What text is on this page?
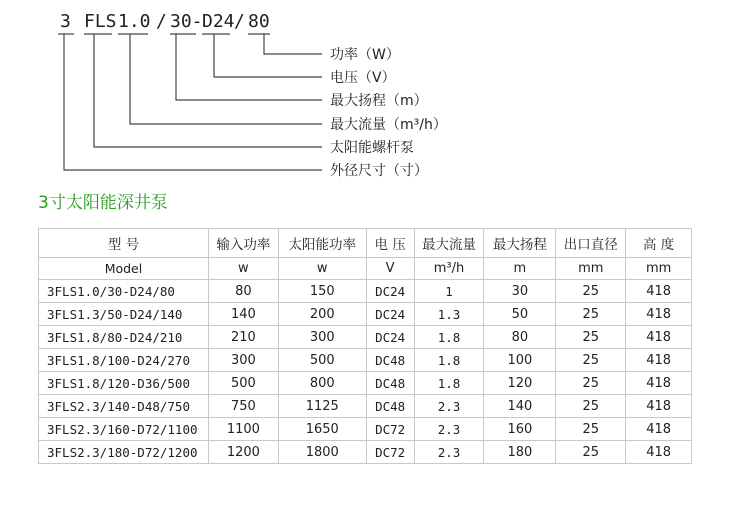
3 FLS 1.0 / 30- D24 / 80
功率（W）
电压（V）
最大扬程（m）
最大流量（m³/h）
太阳能螺杆泵
外径尺寸（寸）
3寸太阳能深井泵
型 号	输入功率	太阳能功率	电 压	最大流量	最大扬程	出口直径	高 度
Model	w	w	V	m³/h	m	mm	mm
3FLS1.0/30-D24/80	80	150	DC24	1	30	25	418
3FLS1.3/50-D24/140	140	200	DC24	1.3	50	25	418
3FLS1.8/80-D24/210	210	300	DC24	1.8	80	25	418
3FLS1.8/100-D24/270	300	500	DC48	1.8	100	25	418
3FLS1.8/120-D36/500	500	800	DC48	1.8	120	25	418
3FLS2.3/140-D48/750	750	1125	DC48	2.3	140	25	418
3FLS2.3/160-D72/1100	1100	1650	DC72	2.3	160	25	418
3FLS2.3/180-D72/1200	1200	1800	DC72	2.3	180	25	418
